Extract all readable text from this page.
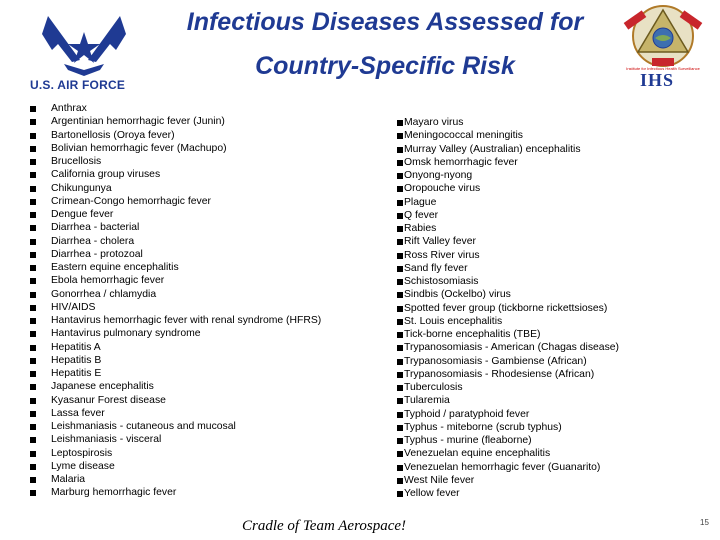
Infectious Diseases Assessed for
Country-Specific Risk
U.S. AIR FORCE
Institute for Infectious Health Surveillance
IHS
Anthrax
Argentinian hemorrhagic fever (Junin)
Bartonellosis (Oroya fever)
Bolivian hemorrhagic fever (Machupo)
Brucellosis
California group viruses
Chikungunya
Crimean-Congo hemorrhagic fever
Dengue fever
Diarrhea - bacterial
Diarrhea - cholera
Diarrhea - protozoal
Eastern equine encephalitis
Ebola hemorrhagic fever
Gonorrhea / chlamydia
HIV/AIDS
Hantavirus hemorrhagic fever with renal syndrome (HFRS)
Hantavirus pulmonary syndrome
Hepatitis A
Hepatitis B
Hepatitis E
Japanese encephalitis
Kyasanur Forest disease
Lassa fever
Leishmaniasis - cutaneous and mucosal
Leishmaniasis - visceral
Leptospirosis
Lyme disease
Malaria
Marburg hemorrhagic fever
Mayaro virus
Meningococcal meningitis
Murray Valley (Australian) encephalitis
Omsk hemorrhagic fever
Onyong-nyong
Oropouche virus
Plague
Q fever
Rabies
Rift Valley fever
Ross River virus
Sand fly fever
Schistosomiasis
Sindbis (Ockelbo) virus
Spotted fever group (tickborne rickettsioses)
St. Louis encephalitis
Tick-borne encephalitis (TBE)
Trypanosomiasis - American (Chagas disease)
Trypanosomiasis - Gambiense (African)
Trypanosomiasis - Rhodesiense (African)
Tuberculosis
Tularemia
Typhoid / paratyphoid fever
Typhus - miteborne (scrub typhus)
Typhus - murine (fleaborne)
Venezuelan equine encephalitis
Venezuelan hemorrhagic fever (Guanarito)
West Nile fever
Yellow fever
Cradle of Team Aerospace!	15
